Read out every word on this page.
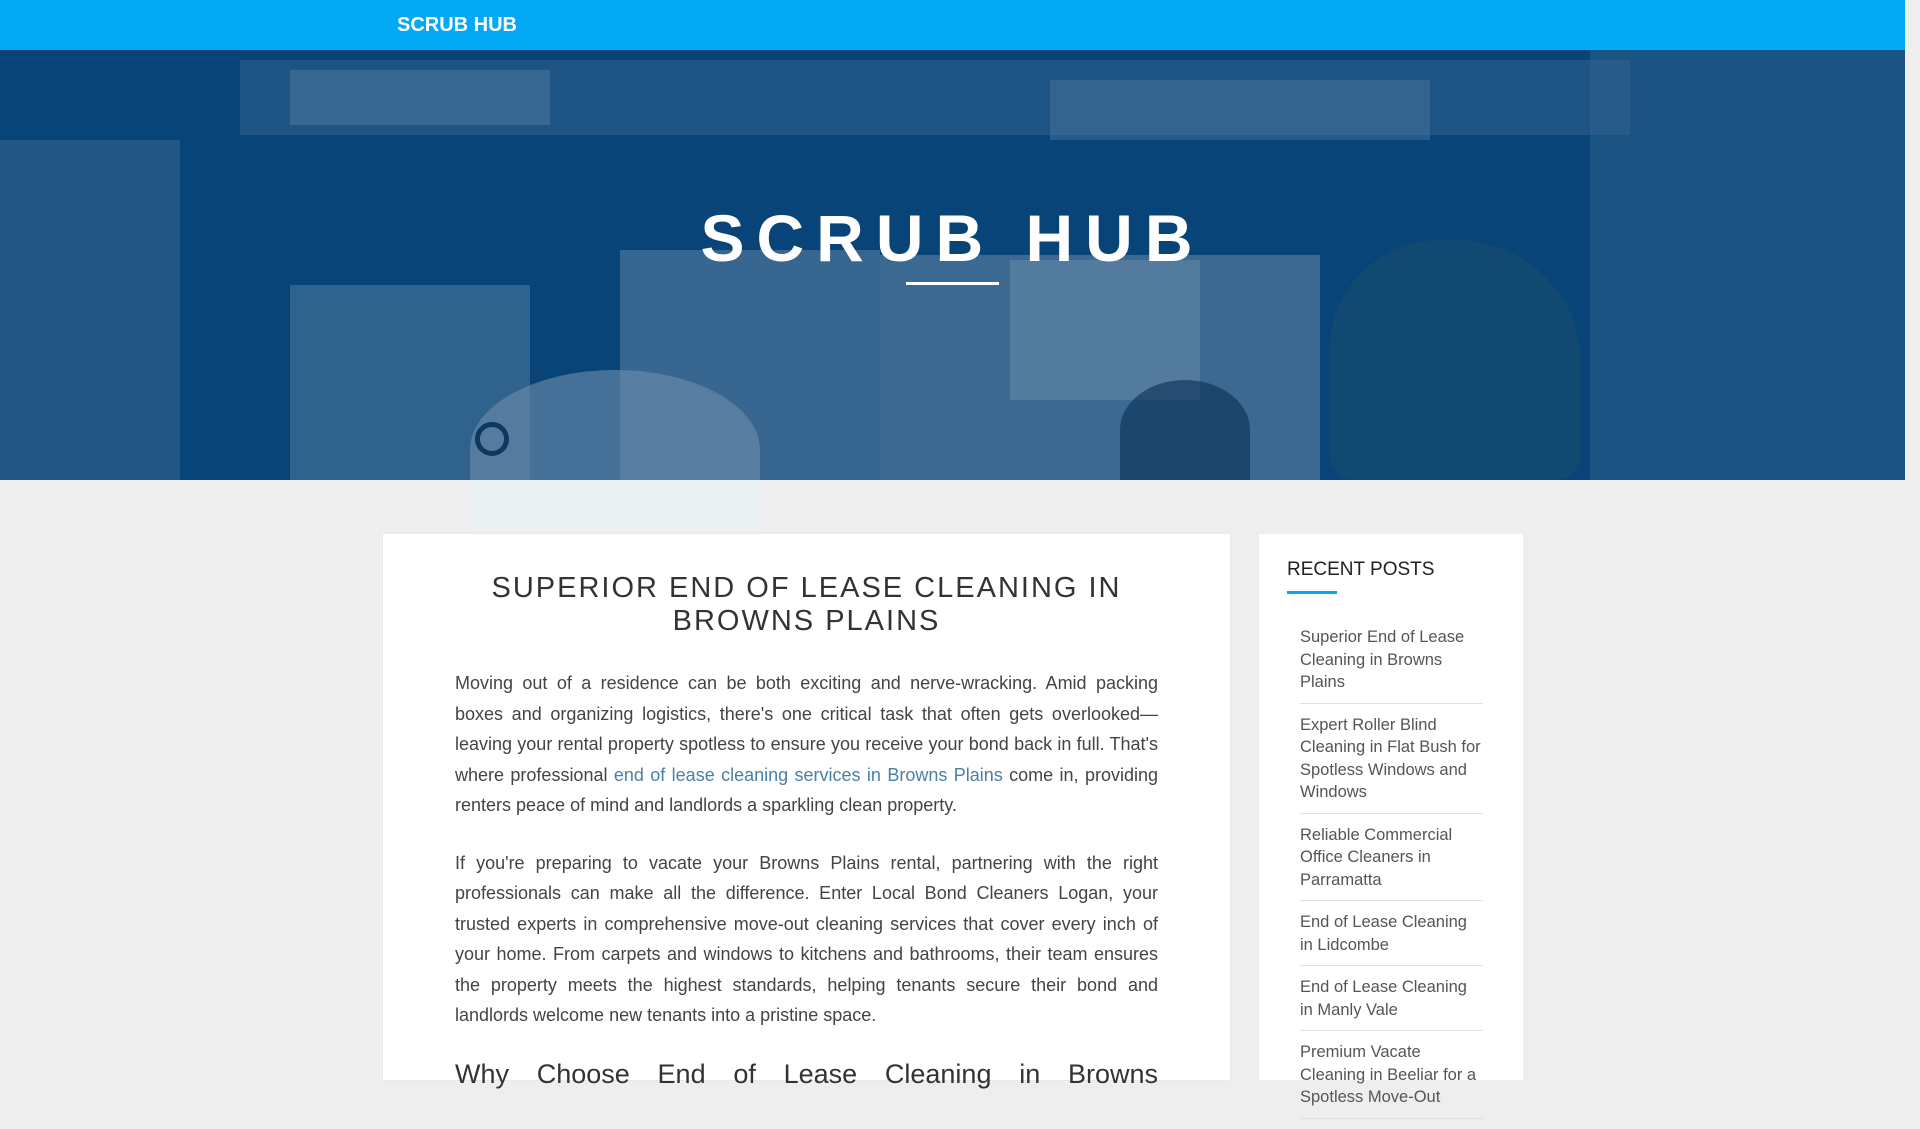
SCRUB HUB
SCRUB HUB
SUPERIOR END OF LEASE CLEANING IN BROWNS PLAINS

Moving out of a residence can be both exciting and nerve-wracking. Amid packing boxes and organizing logistics, there's one critical task that often gets overlooked—leaving your rental property spotless to ensure you receive your bond back in full. That's where professional end of lease cleaning services in Browns Plains come in, providing renters peace of mind and landlords a sparkling clean property.

If you're preparing to vacate your Browns Plains rental, partnering with the right professionals can make all the difference. Enter Local Bond Cleaners Logan, your trusted experts in comprehensive move-out cleaning services that cover every inch of your home. From carpets and windows to kitchens and bathrooms, their team ensures the property meets the highest standards, helping tenants secure their bond and landlords welcome new tenants into a pristine space.

Why Choose End of Lease Cleaning in Browns
RECENT POSTS
Superior End of Lease Cleaning in Browns Plains
Expert Roller Blind Cleaning in Flat Bush for Spotless Windows and Windows
Reliable Commercial Office Cleaners in Parramatta
End of Lease Cleaning in Lidcombe
End of Lease Cleaning in Manly Vale
Premium Vacate Cleaning in Beeliar for a Spotless Move-Out
